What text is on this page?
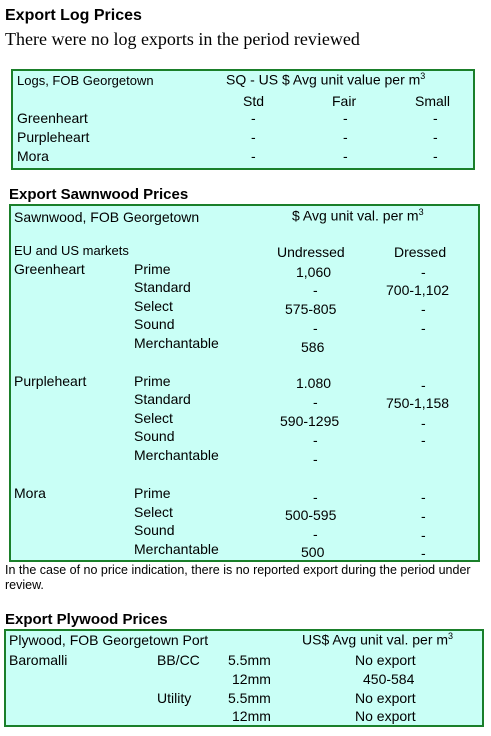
Export Log Prices
There were no log exports in the period reviewed
Logs, FOB Georgetown	SQ - US $ Avg unit value per $m^3$
Std	Fair	Small
Greenheart	-	-	-
Purpleheart	-	-	-
Mora	-	-	-
Export Sawnwood Prices
Sawnwood, FOB Georgetown	$ Avg unit val. per $m^3$
EU and US markets	Undressed	Dressed
Greenheart	Prime	1,060	-
Standard	-	700-1,102
Select	575-805	-
Sound	-	-
Merchantable	586
Purpleheart	Prime	1.080	-
Standard	-	750-1,158
Select	590-1295	-
Sound	-	-
Merchantable	-
Mora	Prime	-	-
Select	500-595	-
Sound	-	-
Merchantable	500	-
In the case of no price indication, there is no reported export during the period under review.
Export Plywood Prices
Plywood, FOB Georgetown Port	US$ Avg unit val. per $m^3$
Baromalli	BB/CC 5.5mm	No export
12mm	450-584
Utility	5.5mm	No export
12mm	No export
